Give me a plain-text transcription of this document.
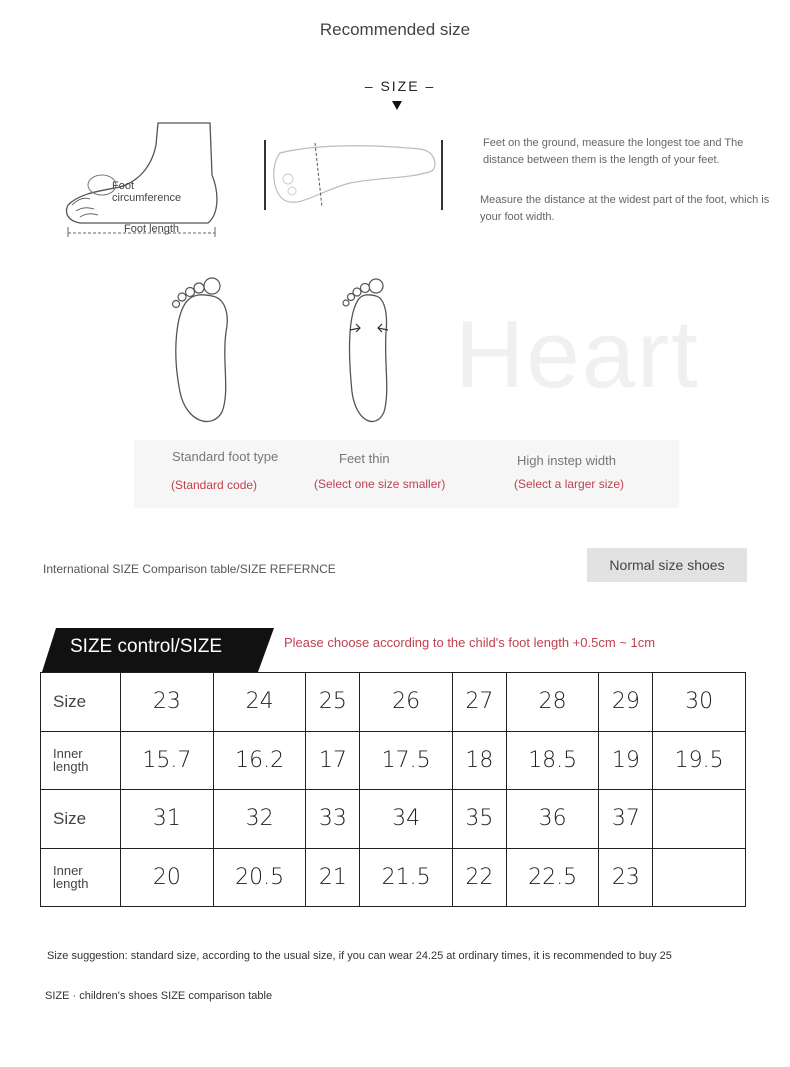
Recommended size
– SIZE –
Foot circumference
Foot length
Feet on the ground, measure the longest toe and The distance between them is the length of your feet.
Measure the distance at the widest part of the foot, which is your foot width.
Heart
Standard foot type
(Standard code)
Feet thin
(Select one size smaller)
High instep width
(Select a larger size)
International SIZE Comparison table/SIZE REFERNCE	Normal size shoes
SIZE control/SIZE	Please choose according to the child's foot length +0.5cm ~ 1cm
Size	23	24	25	26	27	28	29	30
Inner length	15.7	16.2	17	17.5	18	18.5	19	19.5
Size	31	32	33	34	35	36	37	
Inner length	20	20.5	21	21.5	22	22.5	23	
Size suggestion: standard size, according to the usual size, if you can wear 24.25 at ordinary times, it is recommended to buy 25
SIZE · children's shoes SIZE comparison table
